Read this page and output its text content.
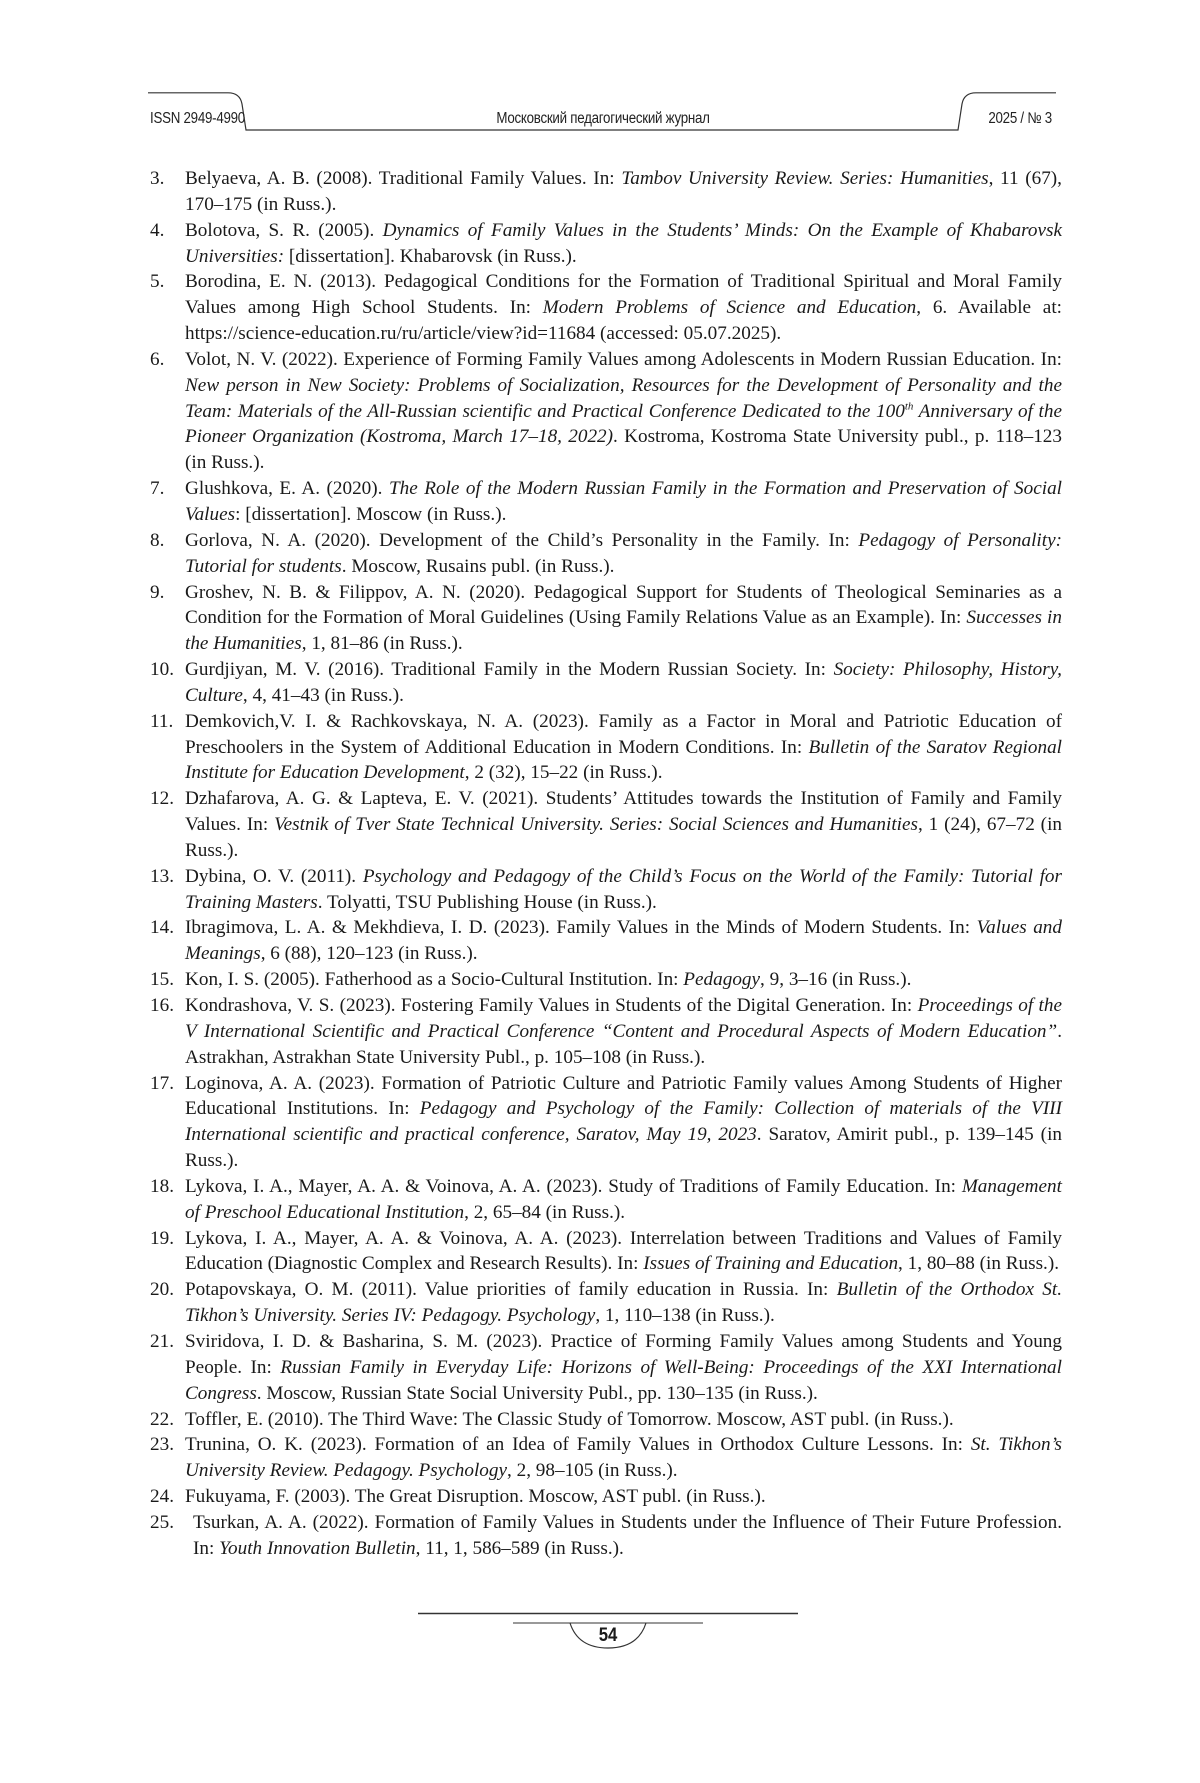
ISSN 2949-4990	Московский педагогический журнал	2025 / № 3
3. Belyaeva, A. B. (2008). Traditional Family Values. In: Tambov University Review. Series: Humanities, 11 (67), 170–175 (in Russ.).
4. Bolotova, S. R. (2005). Dynamics of Family Values in the Students’ Minds: On the Example of Khabarovsk Universities: [dissertation]. Khabarovsk (in Russ.).
5. Borodina, E. N. (2013). Pedagogical Conditions for the Formation of Traditional Spiritual and Moral Family Values among High School Students. In: Modern Problems of Science and Education, 6. Available at: https://science-education.ru/ru/article/view?id=11684 (accessed: 05.07.2025).
6. Volot, N. V. (2022). Experience of Forming Family Values among Adolescents in Modern Russian Education. In: New person in New Society: Problems of Socialization, Resources for the Development of Personality and the Team: Materials of the All-Russian scientific and Practical Conference Dedicated to the 100th Anniversary of the Pioneer Organization (Kostroma, March 17–18, 2022). Kostroma, Kostroma State University publ., p. 118–123 (in Russ.).
7. Glushkova, E. A. (2020). The Role of the Modern Russian Family in the Formation and Preservation of Social Values: [dissertation]. Moscow (in Russ.).
8. Gorlova, N. A. (2020). Development of the Child’s Personality in the Family. In: Pedagogy of Personality: Tutorial for students. Moscow, Rusains publ. (in Russ.).
9. Groshev, N. B. & Filippov, A. N. (2020). Pedagogical Support for Students of Theological Seminaries as a Condition for the Formation of Moral Guidelines (Using Family Relations Value as an Example). In: Successes in the Humanities, 1, 81–86 (in Russ.).
10. Gurdjiyan, M. V. (2016). Traditional Family in the Modern Russian Society. In: Society: Philosophy, History, Culture, 4, 41–43 (in Russ.).
11. Demkovich,V. I. & Rachkovskaya, N. A. (2023). Family as a Factor in Moral and Patriotic Education of Preschoolers in the System of Additional Education in Modern Conditions. In: Bulletin of the Saratov Regional Institute for Education Development, 2 (32), 15–22 (in Russ.).
12. Dzhafarova, A. G. & Lapteva, E. V. (2021). Students’ Attitudes towards the Institution of Family and Family Values. In: Vestnik of Tver State Technical University. Series: Social Sciences and Humanities, 1 (24), 67–72 (in Russ.).
13. Dybina, O. V. (2011). Psychology and Pedagogy of the Child’s Focus on the World of the Family: Tutorial for Training Masters. Tolyatti, TSU Publishing House (in Russ.).
14. Ibragimova, L. A. & Mekhdieva, I. D. (2023). Family Values in the Minds of Modern Students. In: Values and Meanings, 6 (88), 120–123 (in Russ.).
15. Kon, I. S. (2005). Fatherhood as a Socio-Cultural Institution. In: Pedagogy, 9, 3–16 (in Russ.).
16. Kondrashova, V. S. (2023). Fostering Family Values in Students of the Digital Generation. In: Proceedings of the V International Scientific and Practical Conference “Content and Procedural Aspects of Modern Education”. Astrakhan, Astrakhan State University Publ., p. 105–108 (in Russ.).
17. Loginova, A. A. (2023). Formation of Patriotic Culture and Patriotic Family values Among Students of Higher Educational Institutions. In: Pedagogy and Psychology of the Family: Collection of materials of the VIII International scientific and practical conference, Saratov, May 19, 2023. Saratov, Amirit publ., p. 139–145 (in Russ.).
18. Lykova, I. A., Mayer, A. A. & Voinova, A. A. (2023). Study of Traditions of Family Education. In: Management of Preschool Educational Institution, 2, 65–84 (in Russ.).
19. Lykova, I. A., Mayer, A. A. & Voinova, A. A. (2023). Interrelation between Traditions and Values of Family Education (Diagnostic Complex and Research Results). In: Issues of Training and Education, 1, 80–88 (in Russ.).
20. Potapovskaya, O. M. (2011). Value priorities of family education in Russia. In: Bulletin of the Orthodox St. Tikhon’s University. Series IV: Pedagogy. Psychology, 1, 110–138 (in Russ.).
21. Sviridova, I. D. & Basharina, S. M. (2023). Practice of Forming Family Values among Students and Young People. In: Russian Family in Everyday Life: Horizons of Well-Being: Proceedings of the XXI International Congress. Moscow, Russian State Social University Publ., pp. 130–135 (in Russ.).
22. Toffler, E. (2010). The Third Wave: The Classic Study of Tomorrow. Moscow, AST publ. (in Russ.).
23. Trunina, O. K. (2023). Formation of an Idea of Family Values in Orthodox Culture Lessons. In: St. Tikhon’s University Review. Pedagogy. Psychology, 2, 98–105 (in Russ.).
24. Fukuyama, F. (2003). The Great Disruption. Moscow, AST publ. (in Russ.).
25. Tsurkan, A. A. (2022). Formation of Family Values in Students under the Influence of Their Future Profession. In: Youth Innovation Bulletin, 11, 1, 586–589 (in Russ.).
54
